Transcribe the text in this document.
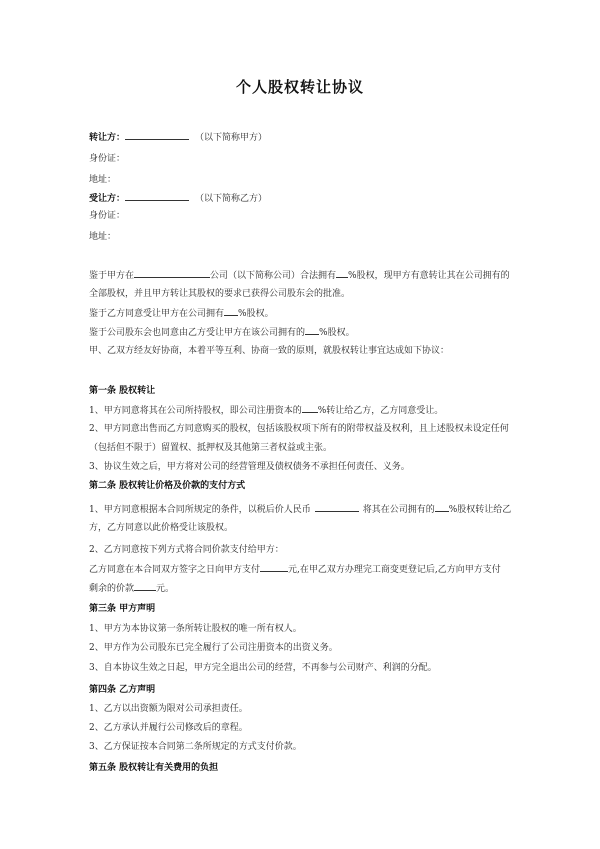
个人股权转让协议
转让方：	（以下简称甲方）
身份证：
地址：
受让方：	（以下简称乙方）
身份证：
地址：
鉴于甲方在	公司（以下简称公司）合法拥有 %股权，现甲方有意转让其在公司拥有的
全部股权，并且甲方转让其股权的要求已获得公司股东会的批准。
鉴于乙方同意受让甲方在公司拥有 %股权。
鉴于公司股东会也同意由乙方受让甲方在该公司拥有的 %股权。
甲、乙双方经友好协商，本着平等互利、协商一致的原则，就股权转让事宜达成如下协议：
第一条 股权转让
1、甲方同意将其在公司所持股权，即公司注册资本的 %转让给乙方，乙方同意受让。
2、甲方同意出售而乙方同意购买的股权，包括该股权项下所有的附带权益及权利，且上述股权未设定任何
（包括但不限于）留置权、抵押权及其他第三者权益或主张。
3、协议生效之后，甲方将对公司的经营管理及债权债务不承担任何责任、义务。
第二条 股权转让价格及价款的支付方式
1、甲方同意根据本合同所规定的条件，以税后价人民币	将其在公司拥有的 %股权转让给乙
方，乙方同意以此价格受让该股权。
2、乙方同意按下列方式将合同价款支付给甲方：
乙方同意在本合同双方签字之日向甲方支付	元,在甲乙双方办理完工商变更登记后,乙方向甲方支付
剩余的价款 元。
第三条 甲方声明
1、甲方为本协议第一条所转让股权的唯一所有权人。
2、甲方作为公司股东已完全履行了公司注册资本的出资义务。
3、自本协议生效之日起，甲方完全退出公司的经营，不再参与公司财产、利润的分配。
第四条 乙方声明
1、乙方以出资额为限对公司承担责任。
2、乙方承认并履行公司修改后的章程。
3、乙方保证按本合同第二条所规定的方式支付价款。
第五条 股权转让有关费用的负担
